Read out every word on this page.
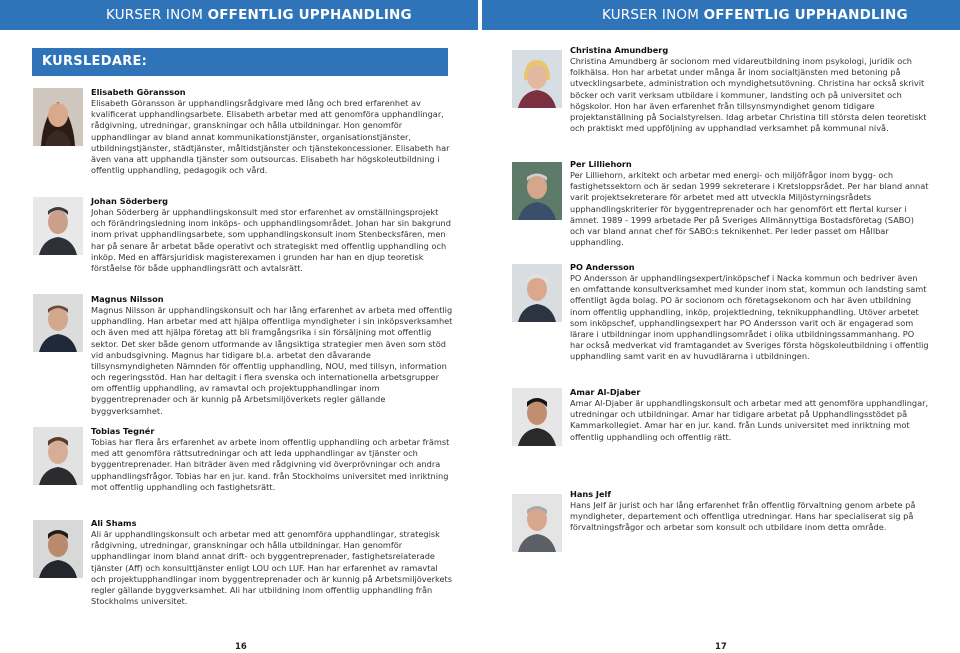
KURSER INOM OFFENTLIG UPPHANDLING	KURSER INOM OFFENTLIG UPPHANDLING
KURSLEDARE:
Elisabeth Göransson
Elisabeth Göransson är upphandlingsrådgivare med lång och bred erfarenhet av kvalificerat upphandlingsarbete. Elisabeth arbetar med att genomföra upphandlingar, rådgivning, utredningar, granskningar och hålla utbildningar. Hon genomför upphandlingar av bland annat kommunikationstjänster, organisationstjänster, utbildningstjänster, städtjänster, måltidstjänster och tjänstekoncessioner. Elisabeth har även vana att upphandla tjänster som outsourcas. Elisabeth har högskoleutbildning i offentlig upphandling, pedagogik och vård.
Johan Söderberg
Johan Söderberg är upphandlingskonsult med stor erfarenhet av omställningsprojekt och förändringsledning inom inköps- och upphandlingsområdet. Johan har sin bakgrund inom privat upphandlingsarbete, som upphandlingskonsult inom Stenbecksfären, men har på senare år arbetat både operativt och strategiskt med offentlig upphandling och inköp. Med en affärsjuridisk magisterexamen i grunden har han en djup teoretisk förståelse för både upphandlingsrätt och avtalsrätt.
Magnus Nilsson
Magnus Nilsson är upphandlingskonsult och har lång erfarenhet av arbeta med offentlig upphandling. Han arbetar med att hjälpa offentliga myndigheter i sin inköpsverksamhet och även med att hjälpa företag att bli framgångsrika i sin försäljning mot offentlig sektor. Det sker både genom utformande av långsiktiga strategier men även som stöd vid anbudsgivning. Magnus har tidigare bl.a. arbetat den dåvarande tillsynsmyndigheten Nämnden för offentlig upphandling, NOU, med tillsyn, information och regeringsstöd. Han har deltagit i flera svenska och internationella arbetsgrupper om offentlig upphandling, av ramavtal och projektupphandlingar inom byggentreprenader och är kunnig på Arbetsmiljöverkets regler gällande byggverksamhet.
Tobias Tegnér
Tobias har flera års erfarenhet av arbete inom offentlig upphandling och arbetar främst med att genomföra rättsutredningar och att leda upphandlingar av tjänster och byggentreprenader. Han biträder även med rådgivning vid överprövningar och andra upphandlingsfrågor. Tobias har en jur. kand. från Stockholms universitet med inriktning mot offentlig upphandling och fastighetsrätt.
Ali Shams
Ali är upphandlingskonsult och arbetar med att genomföra upphandlingar, strategisk rådgivning, utredningar, granskningar och hålla utbildningar. Han genomför upphandlingar inom bland annat drift- och byggentreprenader, fastighetsrelaterade tjänster (Aff) och konsulttjänster enligt LOU och LUF. Han har erfarenhet av ramavtal och projektupphandlingar inom byggentreprenader och är kunnig på Arbetsmiljöverkets regler gällande byggverksamhet. Ali har utbildning inom offentlig upphandling från Stockholms universitet.
Christina Amundberg
Christina Amundberg är socionom med vidareutbildning inom psykologi, juridik och folkhälsa. Hon har arbetat under många år inom socialtjänsten med betoning på utvecklingsarbete, administration och myndighetsutövning. Christina har också skrivit böcker och varit verksam utbildare i kommuner, landsting och på universitet och högskolor. Hon har även erfarenhet från tillsynsmyndighet genom tidigare projektanställning på Socialstyrelsen. Idag arbetar Christina till största delen teoretiskt och praktiskt med uppföljning av upphandlad verksamhet på kommunal nivå.
Per Lilliehorn
Per Lilliehorn, arkitekt och arbetar med energi- och miljöfrågor inom bygg- och fastighetssektorn och är sedan 1999 sekreterare i Kretsloppsrådet. Per har bland annat varit projektsekreterare för arbetet med att utveckla Miljöstyrningsrådets upphandlingskriterier för byggentreprenader och har genomfört ett flertal kurser i ämnet. 1989 - 1999 arbetade Per på Sveriges Allmännyttiga Bostadsföretag (SABO) och var bland annat chef för SABO:s teknikenhet. Per leder passet om Hållbar upphandling.
PO Andersson
PO Andersson är upphandlingsexpert/inköpschef i Nacka kommun och bedriver även en omfattande konsultverksamhet med kunder inom stat, kommun och landsting samt offentligt ägda bolag. PO är socionom och företagsekonom och har även utbildning inom offentlig upphandling, inköp, projektledning, teknikupphandling. Utöver arbetet som inköpschef, upphandlingsexpert har PO Andersson varit och är engagerad som lärare i utbildningar inom upphandlingsområdet i olika utbildningssammanhang. PO har också medverkat vid framtagandet av Sveriges första högskoleutbildning i offentlig upphandling samt varit en av huvudlärarna i utbildningen.
Amar Al-Djaber
Amar Al-Djaber är upphandlingskonsult och arbetar med att genomföra upphandlingar, utredningar och utbildningar. Amar har tidigare arbetat på Upphandlingsstödet på Kammarkollegiet. Amar har en jur. kand. från Lunds universitet med inriktning mot offentlig upphandling och offentlig rätt.
Hans Jelf
Hans Jelf är jurist och har lång erfarenhet från offentlig förvaltning genom arbete på myndigheter, departement och offentliga utredningar. Hans har specialiserat sig på förvaltningsfrågor och arbetar som konsult och utbildare inom detta område.
16	17
